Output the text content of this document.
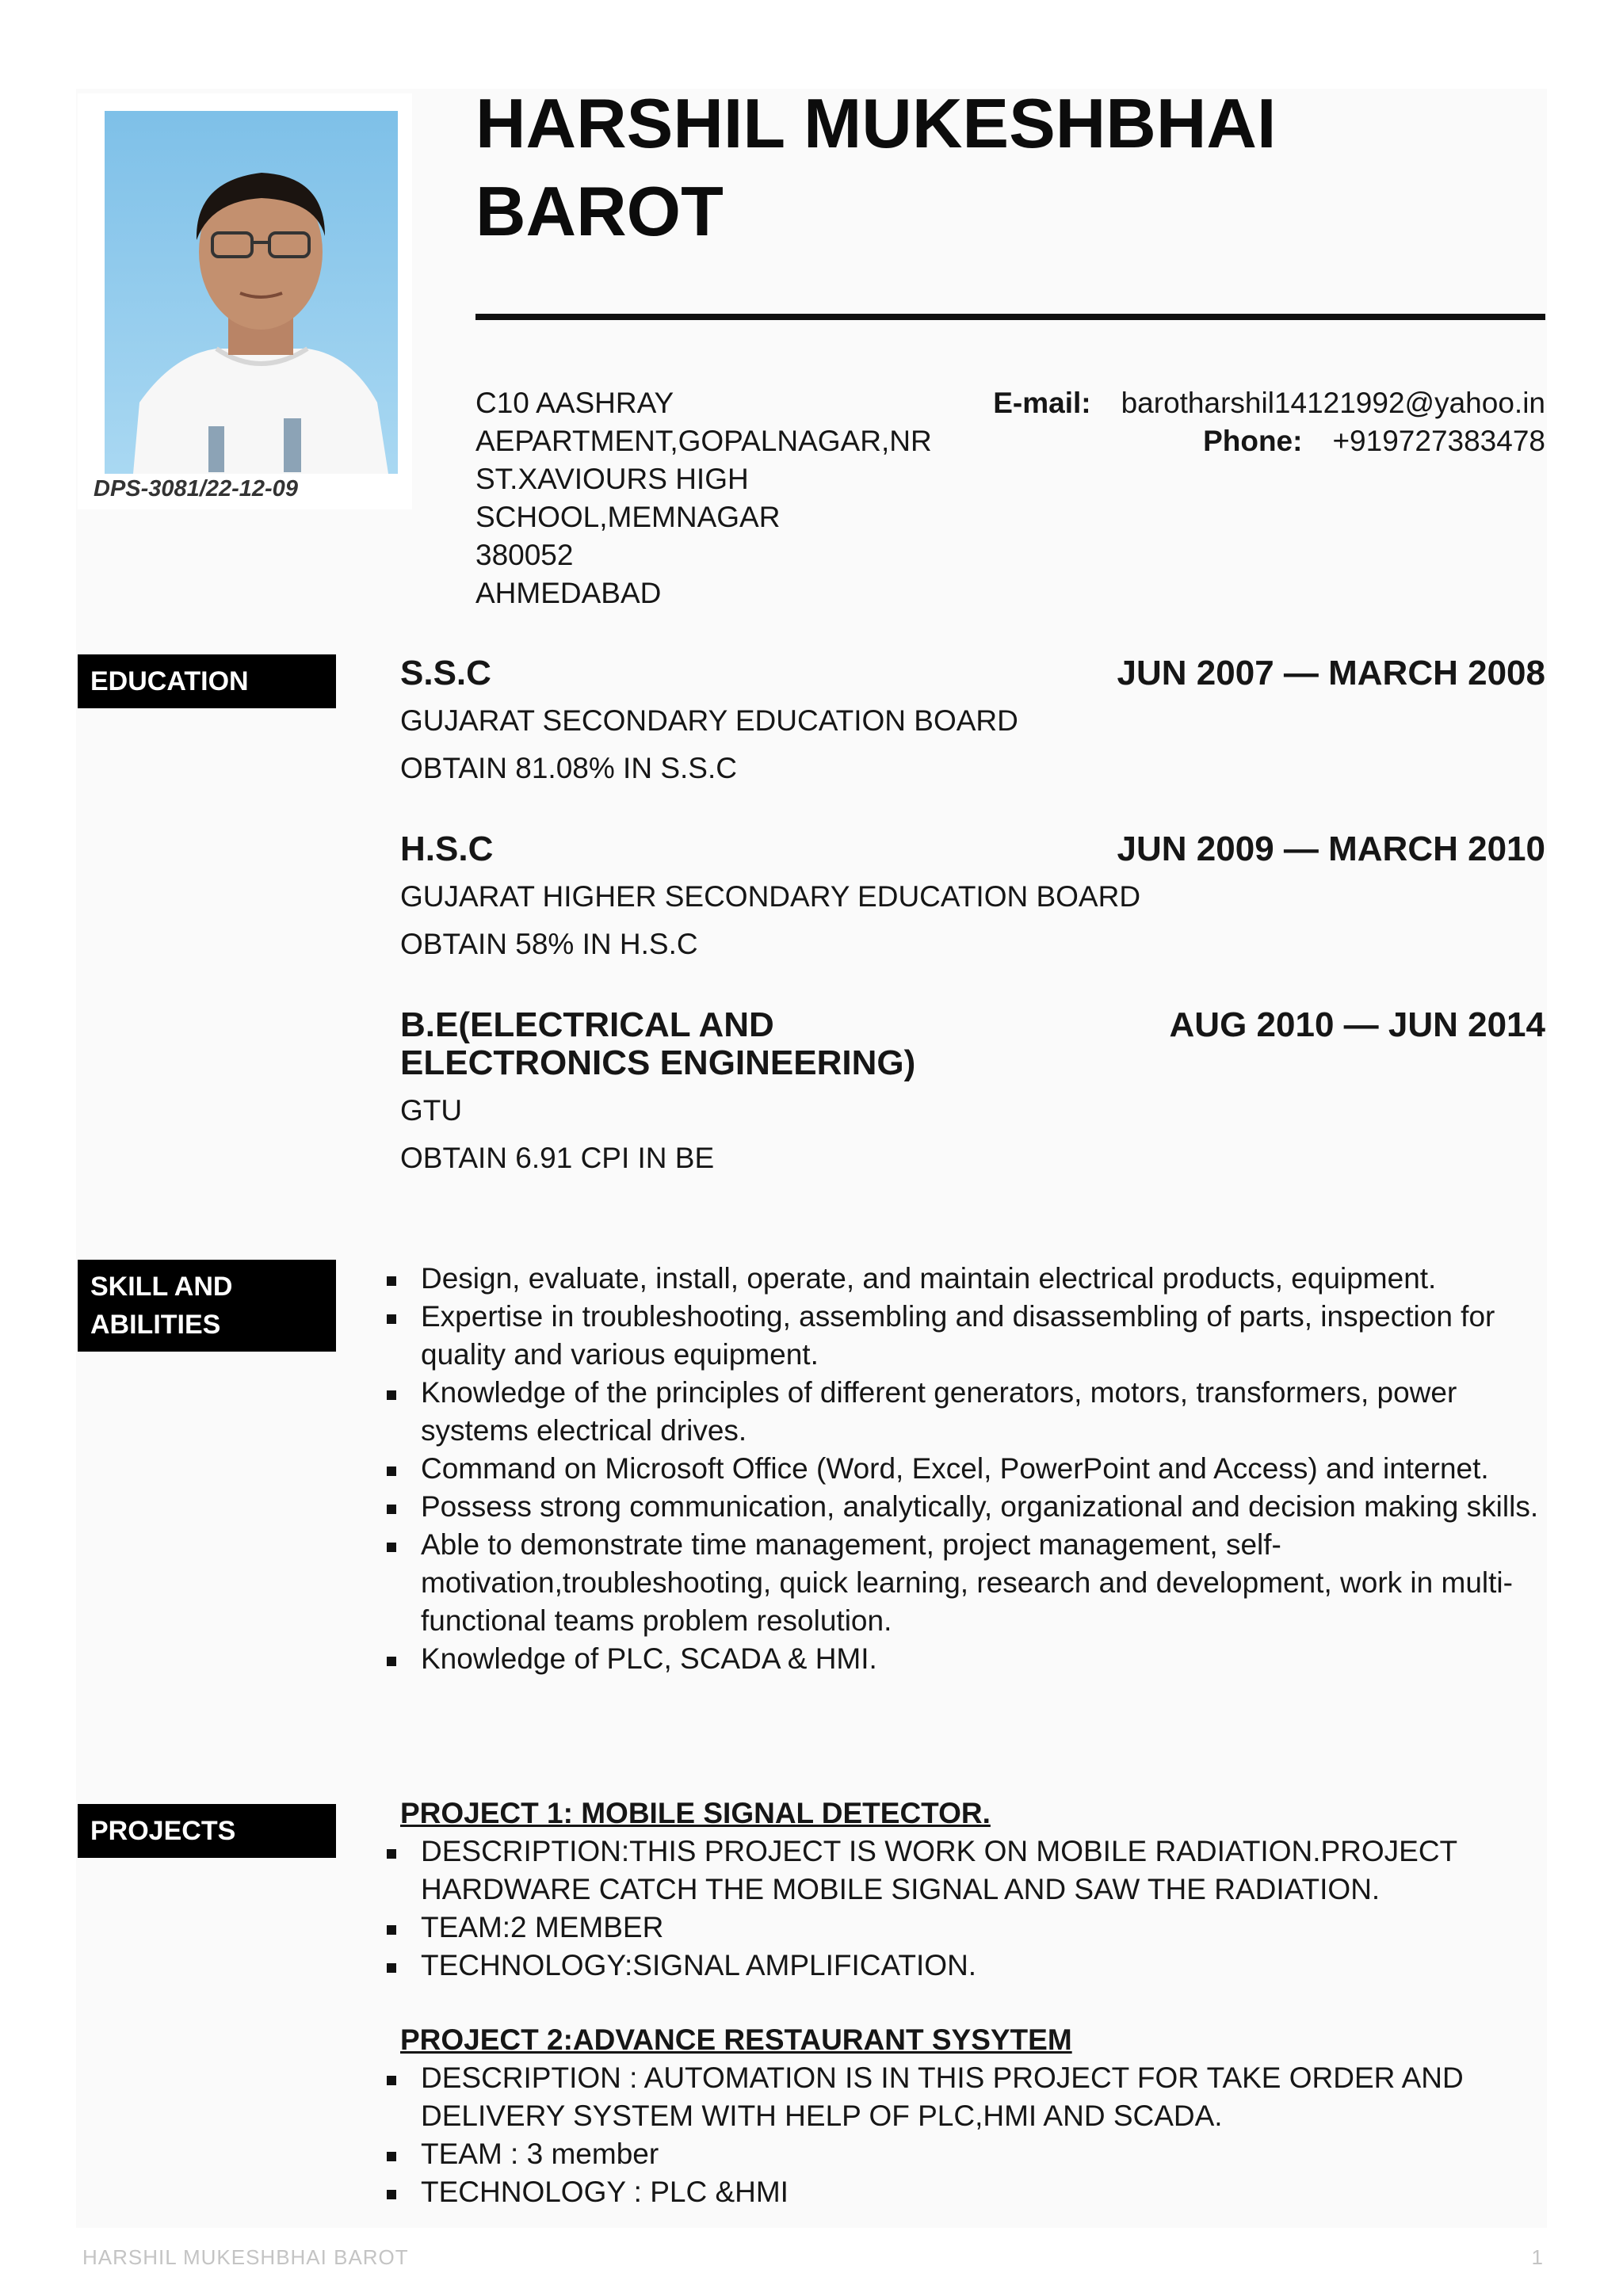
DPS-3081/22-12-09
HARSHIL MUKESHBHAI
BAROT
C10 AASHRAY
AEPARTMENT,GOPALNAGAR,NR
ST.XAVIOURS HIGH
SCHOOL,MEMNAGAR
380052
AHMEDABAD
E-mail: barotharshil14121992@yahoo.in
Phone: +919727383478
EDUCATION	S.S.C	JUN 2007 — MARCH 2008
GUJARAT SECONDARY EDUCATION BOARD
OBTAIN 81.08% IN S.S.C
H.S.C	JUN 2009 — MARCH 2010
GUJARAT HIGHER SECONDARY EDUCATION BOARD
OBTAIN 58% IN H.S.C
B.E(ELECTRICAL AND ELECTRONICS ENGINEERING)
AUG 2010 — JUN 2014
GTU
OBTAIN 6.91 CPI IN BE
SKILL AND
ABILITIES
Design, evaluate, install, operate, and maintain electrical products, equipment.
Expertise in troubleshooting, assembling and disassembling of parts, inspection for quality and various equipment.
Knowledge of the principles of different generators, motors, transformers, power systems electrical drives.
Command on Microsoft Office (Word, Excel, PowerPoint and Access) and internet.
Possess strong communication, analytically, organizational and decision making skills.
Able to demonstrate time management, project management, self-motivation,troubleshooting, quick learning, research and development, work in multi-functional teams problem resolution.
Knowledge of PLC, SCADA & HMI.
PROJECTS
PROJECT 1: MOBILE SIGNAL DETECTOR.
DESCRIPTION:THIS PROJECT IS WORK ON MOBILE RADIATION.PROJECT HARDWARE CATCH THE MOBILE SIGNAL AND SAW THE RADIATION.
TEAM:2 MEMBER
TECHNOLOGY:SIGNAL AMPLIFICATION.
PROJECT 2:ADVANCE RESTAURANT SYSYTEM
DESCRIPTION : AUTOMATION IS IN THIS PROJECT FOR TAKE ORDER AND DELIVERY SYSTEM WITH HELP OF PLC,HMI AND SCADA.
TEAM : 3 member
TECHNOLOGY : PLC &HMI
HARSHIL MUKESHBHAI BAROT	1
